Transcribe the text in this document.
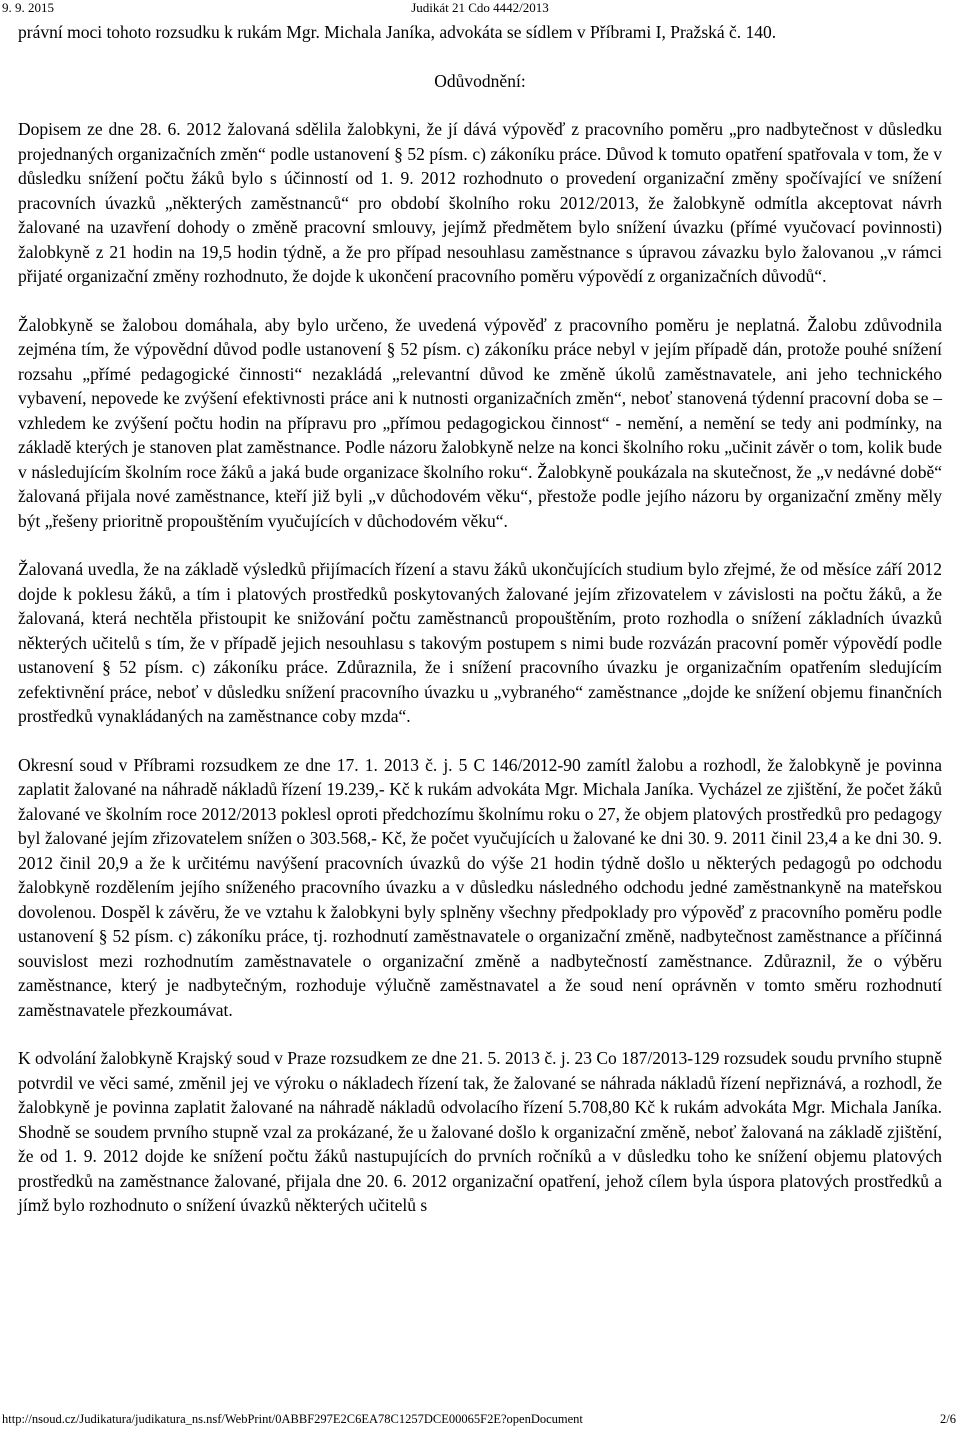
9. 9. 2015	Judikát 21 Cdo 4442/2013

právní moci tohoto rozsudku k rukám Mgr. Michala Janíka, advokáta se sídlem v Příbrami I, Pražská č. 140.

Odůvodnění:

Dopisem ze dne 28. 6. 2012 žalovaná sdělila žalobkyni, že jí dává výpověď z pracovního poměru „pro nadbytečnost v důsledku projednaných organizačních změn“ podle ustanovení § 52 písm. c) zákoníku práce. Důvod k tomuto opatření spatřovala v tom, že v důsledku snížení počtu žáků bylo s účinností od 1. 9. 2012 rozhodnuto o provedení organizační změny spočívající ve snížení pracovních úvazků „některých zaměstnanců“ pro období školního roku 2012/2013, že žalobkyně odmítla akceptovat návrh žalované na uzavření dohody o změně pracovní smlouvy, jejímž předmětem bylo snížení úvazku (přímé vyučovací povinnosti) žalobkyně z 21 hodin na 19,5 hodin týdně, a že pro případ nesouhlasu zaměstnance s úpravou závazku bylo žalovanou „v rámci přijaté organizační změny rozhodnuto, že dojde k ukončení pracovního poměru výpovědí z organizačních důvodů“.

Žalobkyně se žalobou domáhala, aby bylo určeno, že uvedená výpověď z pracovního poměru je neplatná. Žalobu zdůvodnila zejména tím, že výpovědní důvod podle ustanovení § 52 písm. c) zákoníku práce nebyl v jejím případě dán, protože pouhé snížení rozsahu „přímé pedagogické činnosti“ nezakládá „relevantní důvod ke změně úkolů zaměstnavatele, ani jeho technického vybavení, nepovede ke zvýšení efektivnosti práce ani k nutnosti organizačních změn“, neboť stanovená týdenní pracovní doba se – vzhledem ke zvýšení počtu hodin na přípravu pro „přímou pedagogickou činnost“ - nemění, a nemění se tedy ani podmínky, na základě kterých je stanoven plat zaměstnance. Podle názoru žalobkyně nelze na konci školního roku „učinit závěr o tom, kolik bude v následujícím školním roce žáků a jaká bude organizace školního roku“. Žalobkyně poukázala na skutečnost, že „v nedávné době“ žalovaná přijala nové zaměstnance, kteří již byli „v důchodovém věku“, přestože podle jejího názoru by organizační změny měly být „řešeny prioritně propouštěním vyučujících v důchodovém věku“.

Žalovaná uvedla, že na základě výsledků přijímacích řízení a stavu žáků ukončujících studium bylo zřejmé, že od měsíce září 2012 dojde k poklesu žáků, a tím i platových prostředků poskytovaných žalované jejím zřizovatelem v závislosti na počtu žáků, a že žalovaná, která nechtěla přistoupit ke snižování počtu zaměstnanců propouštěním, proto rozhodla o snížení základních úvazků některých učitelů s tím, že v případě jejich nesouhlasu s takovým postupem s nimi bude rozvázán pracovní poměr výpovědí podle ustanovení § 52 písm. c) zákoníku práce. Zdůraznila, že i snížení pracovního úvazku je organizačním opatřením sledujícím zefektivnění práce, neboť v důsledku snížení pracovního úvazku u „vybraného“ zaměstnance „dojde ke snížení objemu finančních prostředků vynakládaných na zaměstnance coby mzda“.

Okresní soud v Příbrami rozsudkem ze dne 17. 1. 2013 č. j. 5 C 146/2012-90 zamítl žalobu a rozhodl, že žalobkyně je povinna zaplatit žalované na náhradě nákladů řízení 19.239,- Kč k rukám advokáta Mgr. Michala Janíka. Vycházel ze zjištění, že počet žáků žalované ve školním roce 2012/2013 poklesl oproti předchozímu školnímu roku o 27, že objem platových prostředků pro pedagogy byl žalované jejím zřizovatelem snížen o 303.568,- Kč, že počet vyučujících u žalované ke dni 30. 9. 2011 činil 23,4 a ke dni 30. 9. 2012 činil 20,9 a že k určitému navýšení pracovních úvazků do výše 21 hodin týdně došlo u některých pedagogů po odchodu žalobkyně rozdělením jejího sníženého pracovního úvazku a v důsledku následného odchodu jedné zaměstnankyně na mateřskou dovolenou. Dospěl k závěru, že ve vztahu k žalobkyni byly splněny všechny předpoklady pro výpověď z pracovního poměru podle ustanovení § 52 písm. c) zákoníku práce, tj. rozhodnutí zaměstnavatele o organizační změně, nadbytečnost zaměstnance a příčinná souvislost mezi rozhodnutím zaměstnavatele o organizační změně a nadbytečností zaměstnance. Zdůraznil, že o výběru zaměstnance, který je nadbytečným, rozhoduje výlučně zaměstnavatel a že soud není oprávněn v tomto směru rozhodnutí zaměstnavatele přezkoumávat.

K odvolání žalobkyně Krajský soud v Praze rozsudkem ze dne 21. 5. 2013 č. j. 23 Co 187/2013-129 rozsudek soudu prvního stupně potvrdil ve věci samé, změnil jej ve výroku o nákladech řízení tak, že žalované se náhrada nákladů řízení nepřiznává, a rozhodl, že žalobkyně je povinna zaplatit žalované na náhradě nákladů odvolacího řízení 5.708,80 Kč k rukám advokáta Mgr. Michala Janíka. Shodně se soudem prvního stupně vzal za prokázané, že u žalované došlo k organizační změně, neboť žalovaná na základě zjištění, že od 1. 9. 2012 dojde ke snížení počtu žáků nastupujících do prvních ročníků a v důsledku toho ke snížení objemu platových prostředků na zaměstnance žalované, přijala dne 20. 6. 2012 organizační opatření, jehož cílem byla úspora platových prostředků a jímž bylo rozhodnuto o snížení úvazků některých učitelů s

http://nsoud.cz/Judikatura/judikatura_ns.nsf/WebPrint/0ABBF297E2C6EA78C1257DCE00065F2E?openDocument	2/6
